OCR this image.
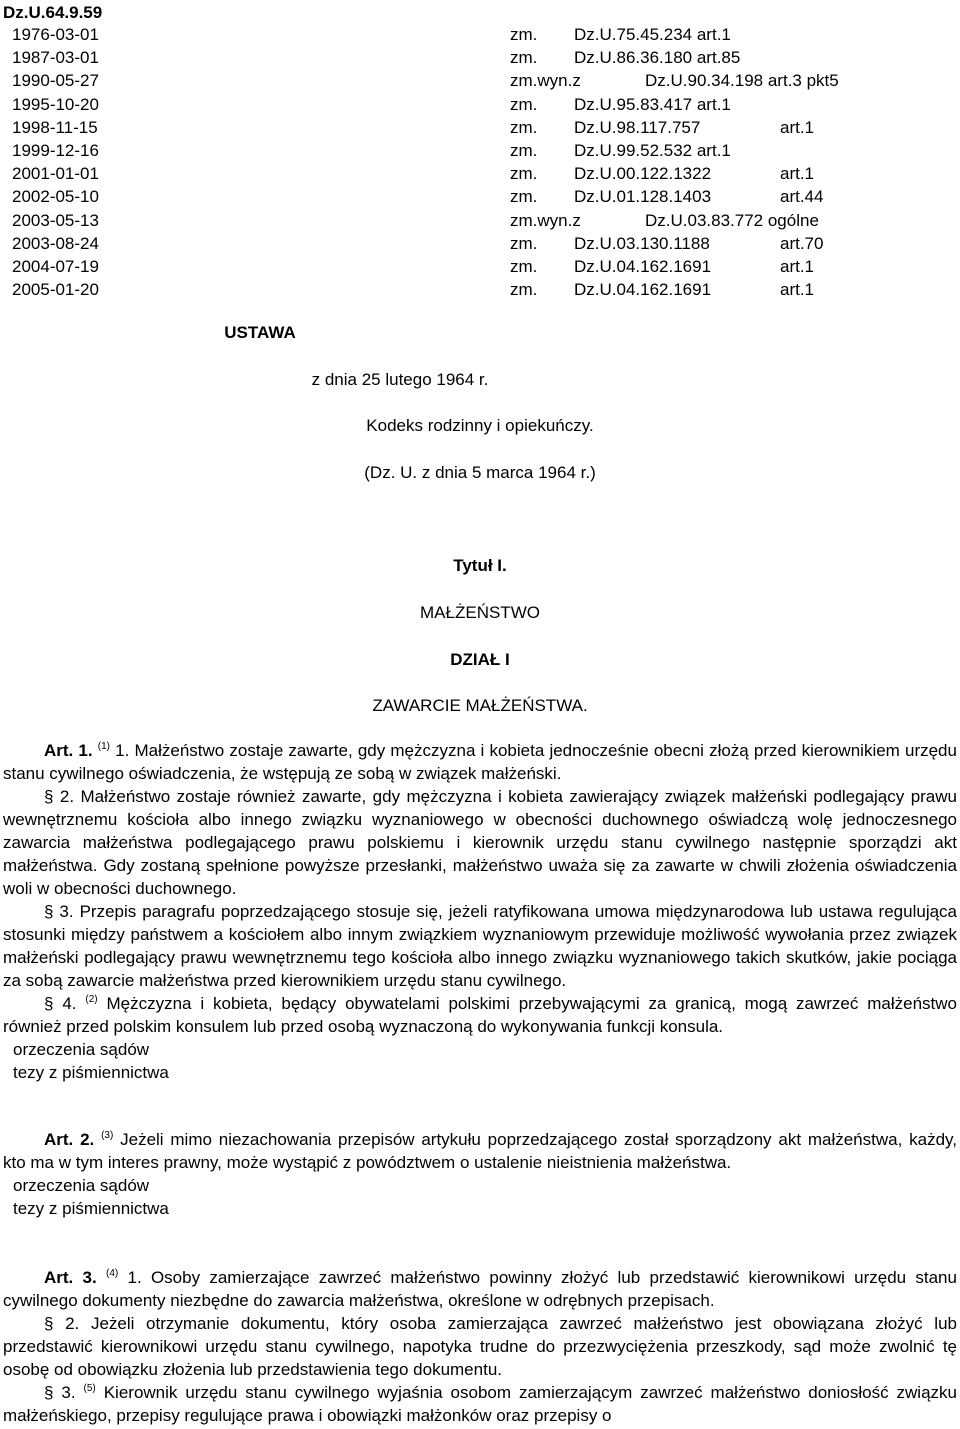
Dz.U.64.9.59
1976-03-01	zm. Dz.U.75.45.234 art.1
1987-03-01	zm. Dz.U.86.36.180 art.85
1990-05-27	zm.wyn.z	Dz.U.90.34.198 art.3 pkt5
1995-10-20	zm. Dz.U.95.83.417 art.1
1998-11-15	zm. Dz.U.98.117.757	art.1
1999-12-16	zm. Dz.U.99.52.532 art.1
2001-01-01	zm. Dz.U.00.122.1322	art.1
2002-05-10	zm. Dz.U.01.128.1403	art.44
2003-05-13	zm.wyn.z	Dz.U.03.83.772 ogólne
2003-08-24	zm. Dz.U.03.130.1188	art.70
2004-07-19	zm. Dz.U.04.162.1691	art.1
2005-01-20	zm. Dz.U.04.162.1691	art.1
USTAWA
z dnia 25 lutego 1964 r.
Kodeks rodzinny i opiekuńczy.
(Dz. U. z dnia 5 marca 1964 r.)
Tytuł I.
MAŁŻEŃSTWO
DZIAŁ I
ZAWARCIE MAŁŻEŃSTWA.

Art. 1. $^{(1)}$ 1. Małżeństwo zostaje zawarte, gdy mężczyzna i kobieta jednocześnie obecni złożą przed kierownikiem urzędu stanu cywilnego oświadczenia, że wstępują ze sobą w związek małżeński.

§ 2. Małżeństwo zostaje również zawarte, gdy mężczyzna i kobieta zawierający związek małżeński podlegający prawu wewnętrznemu kościoła albo innego związku wyznaniowego w obecności duchownego oświadczą wolę jednoczesnego zawarcia małżeństwa podlegającego prawu polskiemu i kierownik urzędu stanu cywilnego następnie sporządzi akt małżeństwa. Gdy zostaną spełnione powyższe przesłanki, małżeństwo uważa się za zawarte w chwili złożenia oświadczenia woli w obecności duchownego.

§ 3. Przepis paragrafu poprzedzającego stosuje się, jeżeli ratyfikowana umowa międzynarodowa lub ustawa regulująca stosunki między państwem a kościołem albo innym związkiem wyznaniowym przewiduje możliwość wywołania przez związek małżeński podlegający prawu wewnętrznemu tego kościoła albo innego związku wyznaniowego takich skutków, jakie pociąga za sobą zawarcie małżeństwa przed kierownikiem urzędu stanu cywilnego.

§ 4. $^{(2)}$ Mężczyzna i kobieta, będący obywatelami polskimi przebywającymi za granicą, mogą zawrzeć małżeństwo również przed polskim konsulem lub przed osobą wyznaczoną do wykonywania funkcji konsula.

orzeczenia sądów

tezy z piśmiennictwa

Art. 2. $^{(3)}$ Jeżeli mimo niezachowania przepisów artykułu poprzedzającego został sporządzony akt małżeństwa, każdy, kto ma w tym interes prawny, może wystąpić z powództwem o ustalenie nieistnienia małżeństwa.

orzeczenia sądów

tezy z piśmiennictwa

Art. 3. $^{(4)}$ 1. Osoby zamierzające zawrzeć małżeństwo powinny złożyć lub przedstawić kierownikowi urzędu stanu cywilnego dokumenty niezbędne do zawarcia małżeństwa, określone w odrębnych przepisach.

§ 2. Jeżeli otrzymanie dokumentu, który osoba zamierzająca zawrzeć małżeństwo jest obowiązana złożyć lub przedstawić kierownikowi urzędu stanu cywilnego, napotyka trudne do przezwyciężenia przeszkody, sąd może zwolnić tę osobę od obowiązku złożenia lub przedstawienia tego dokumentu.

§ 3. $^{(5)}$ Kierownik urzędu stanu cywilnego wyjaśnia osobom zamierzającym zawrzeć małżeństwo doniosłość związku małżeńskiego, przepisy regulujące prawa i obowiązki małżonków oraz przepisy o
